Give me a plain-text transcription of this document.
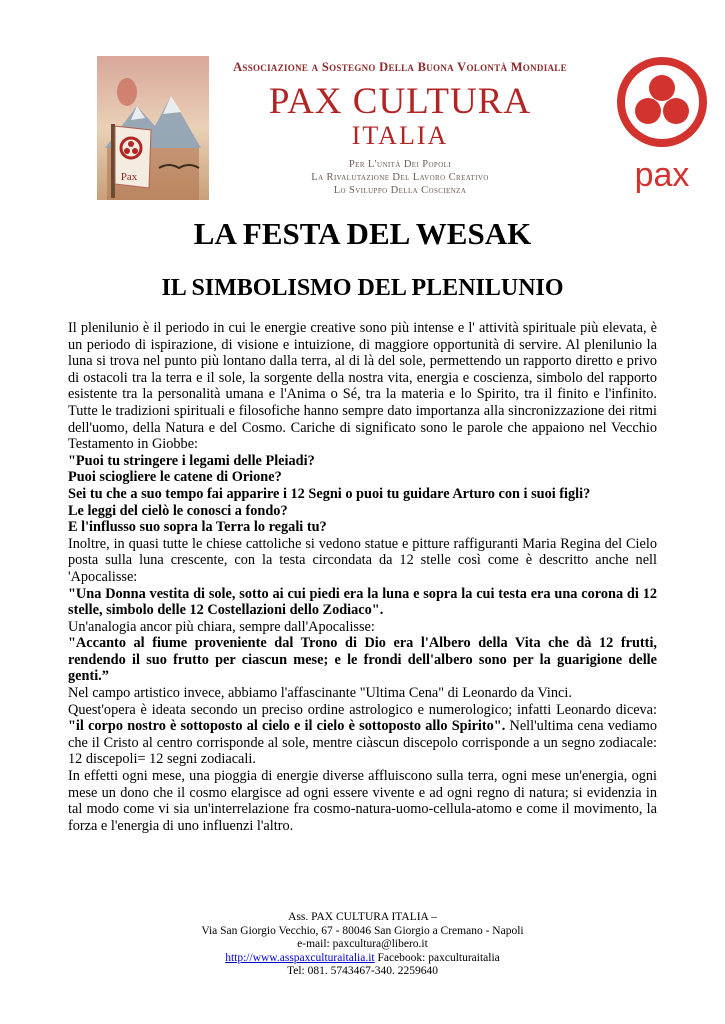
Pax
Associazione a Sostegno Della Buona Volontà Mondiale
PAX CULTURA
ITALIA
Per L'unità Dei Popoli
La Rivalutazione Del Lavoro Creativo
Lo Sviluppo Della Coscienza	pax
LA FESTA DEL WESAK
IL SIMBOLISMO DEL PLENILUNIO

Il plenilunio è il periodo in cui le energie creative sono più intense e l' attività spirituale più elevata, è un periodo di ispirazione, di visione e intuizione, di maggiore opportunità di servire. Al plenilunio la luna si trova nel punto più lontano dalla terra, al di là del sole, permettendo un rapporto diretto e privo di ostacoli tra la terra e il sole, la sorgente della nostra vita, energia e coscienza, simbolo del rapporto esistente tra la personalità umana e l'Anima o Sé, tra la materia e lo Spirito, tra il finito e l'infinito. Tutte le tradizioni spirituali e filosofiche hanno sempre dato importanza alla sincronizzazione dei ritmi dell'uomo, della Natura e del Cosmo. Cariche di significato sono le parole che appaiono nel Vecchio Testamento in Giobbe:

"Puoi tu stringere i legami delle Pleiadi?

Puoi sciogliere le catene di Orione?

Sei tu che a suo tempo fai apparire i 12 Segni o puoi tu guidare Arturo con i suoi figli?

Le leggi del cielò le conosci a fondo?

E l'influsso suo sopra la Terra lo regali tu?

Inoltre, in quasi tutte le chiese cattoliche si vedono statue e pitture raffiguranti Maria Regina del Cielo posta sulla luna crescente, con la testa circondata da 12 stelle così come è descritto anche nell 'Apocalisse:

"Una Donna vestita di sole, sotto ai cui piedi era la luna e sopra la cui testa era una corona di 12 stelle, simbolo delle 12 Costellazioni dello Zodiaco".

Un'analogia ancor più chiara, sempre dall'Apocalisse:

"Accanto al fiume proveniente dal Trono di Dio era l'Albero della Vita che dà 12 frutti, rendendo il suo frutto per ciascun mese; e le frondi dell'albero sono per la guarigione delle genti.”

Nel campo artistico invece, abbiamo l'affascinante "Ultima Cena" di Leonardo da Vinci.

Quest'opera è ideata secondo un preciso ordine astrologico e numerologico; infatti Leonardo diceva: "il corpo nostro è sottoposto al cielo e il cielo è sottoposto allo Spirito". Nell'ultima cena vediamo che il Cristo al centro corrisponde al sole, mentre ciàscun discepolo corrisponde a un segno zodiacale: 12 discepoli= 12 segni zodiacali.

In effetti ogni mese, una pioggia di energie diverse affluiscono sulla terra, ogni mese un'energia, ogni mese un dono che il cosmo elargisce ad ogni essere vivente e ad ogni regno di natura; si evidenzia in tal modo come vi sia un'interrelazione fra cosmo-natura-uomo-cellula-atomo e come il movimento, la forza e l'energia di uno influenzi l'altro.

Ass. PAX CULTURA ITALIA –
Via San Giorgio Vecchio, 67 - 80046 San Giorgio a Cremano - Napoli
e-mail: paxcultura@libero.it
http://www.asspaxculturaitalia.it Facebook: paxculturaitalia
Tel: 081. 5743467-340. 2259640
